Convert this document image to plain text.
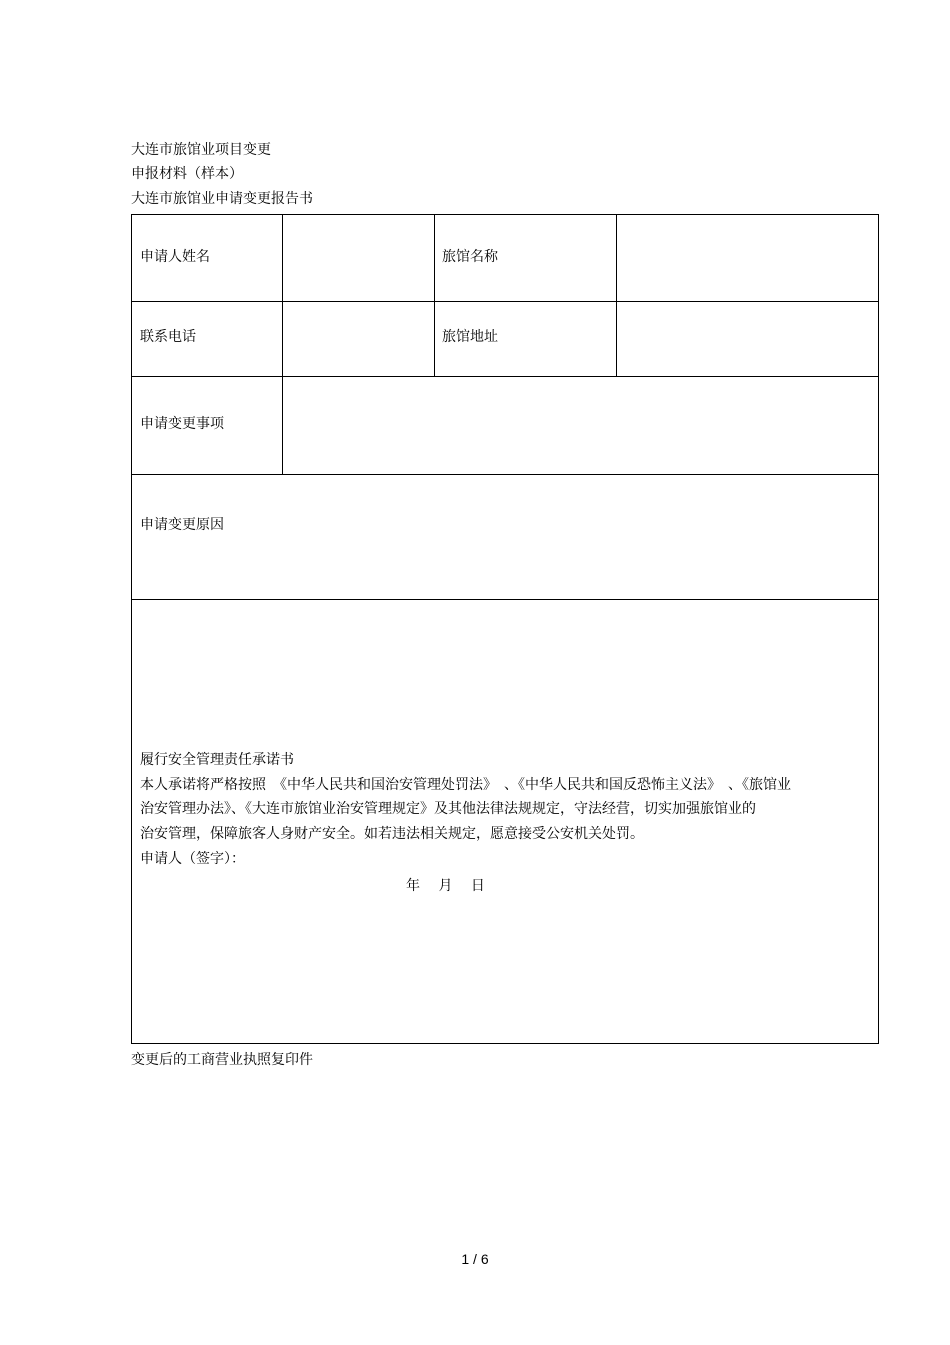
大连市旅馆业项目变更
申报材料（样本）
大连市旅馆业申请变更报告书
申请人姓名	旅馆名称
联系电话	旅馆地址
申请变更事项
申请变更原因
履行安全管理责任承诺书
本人承诺将严格按照　《中华人民共和国治安管理处罚法》　、《中华人民共和国反恐怖主义法》　、《旅馆业
治安管理办法》、《大连市旅馆业治安管理规定》及其他法律法规规定，守法经营，切实加强旅馆业的
治安管理，保障旅客人身财产安全。如若违法相关规定，愿意接受公安机关处罚。
申请人（签字）：
年　 月　 日
变更后的工商营业执照复印件
1 / 6
